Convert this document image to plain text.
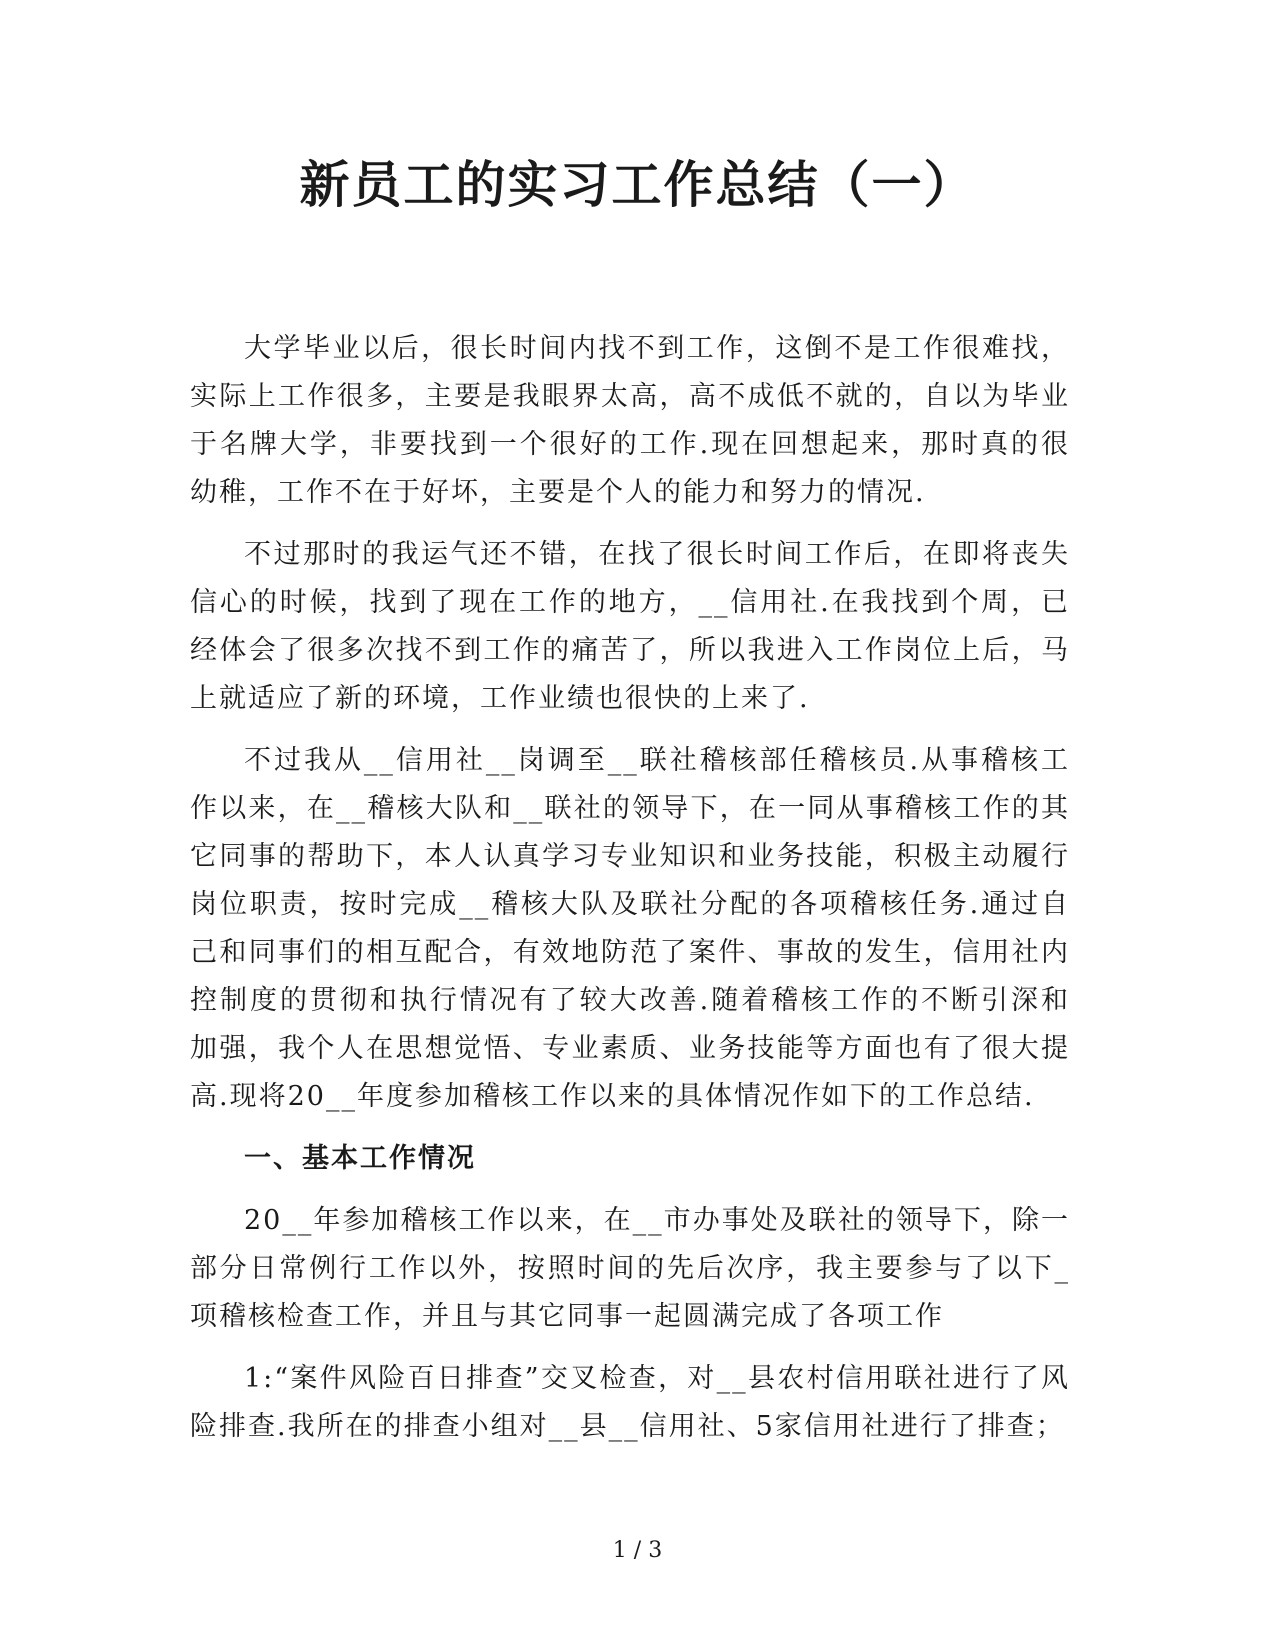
新员工的实习工作总结（一）

大学毕业以后，很长时间内找不到工作，这倒不是工作很难找，实际上工作很多，主要是我眼界太高，高不成低不就的，自以为毕业于名牌大学，非要找到一个很好的工作.现在回想起来，那时真的很幼稚，工作不在于好坏，主要是个人的能力和努力的情况.

不过那时的我运气还不错，在找了很长时间工作后，在即将丧失信心的时候，找到了现在工作的地方，__信用社.在我找到个周，已经体会了很多次找不到工作的痛苦了，所以我进入工作岗位上后，马上就适应了新的环境，工作业绩也很快的上来了.

不过我从__信用社__岗调至__联社稽核部任稽核员.从事稽核工作以来，在__稽核大队和__联社的领导下，在一同从事稽核工作的其它同事的帮助下，本人认真学习专业知识和业务技能，积极主动履行岗位职责，按时完成__稽核大队及联社分配的各项稽核任务.通过自己和同事们的相互配合，有效地防范了案件、事故的发生，信用社内控制度的贯彻和执行情况有了较大改善.随着稽核工作的不断引深和加强，我个人在思想觉悟、专业素质、业务技能等方面也有了很大提高.现将20__年度参加稽核工作以来的具体情况作如下的工作总结.

一、基本工作情况

20__年参加稽核工作以来，在__市办事处及联社的领导下，除一部分日常例行工作以外，按照时间的先后次序，我主要参与了以下_项稽核检查工作，并且与其它同事一起圆满完成了各项工作

1:“案件风险百日排查”交叉检查，对__县农村信用联社进行了风险排查.我所在的排查小组对__县__信用社、5家信用社进行了排查；

1 / 3
